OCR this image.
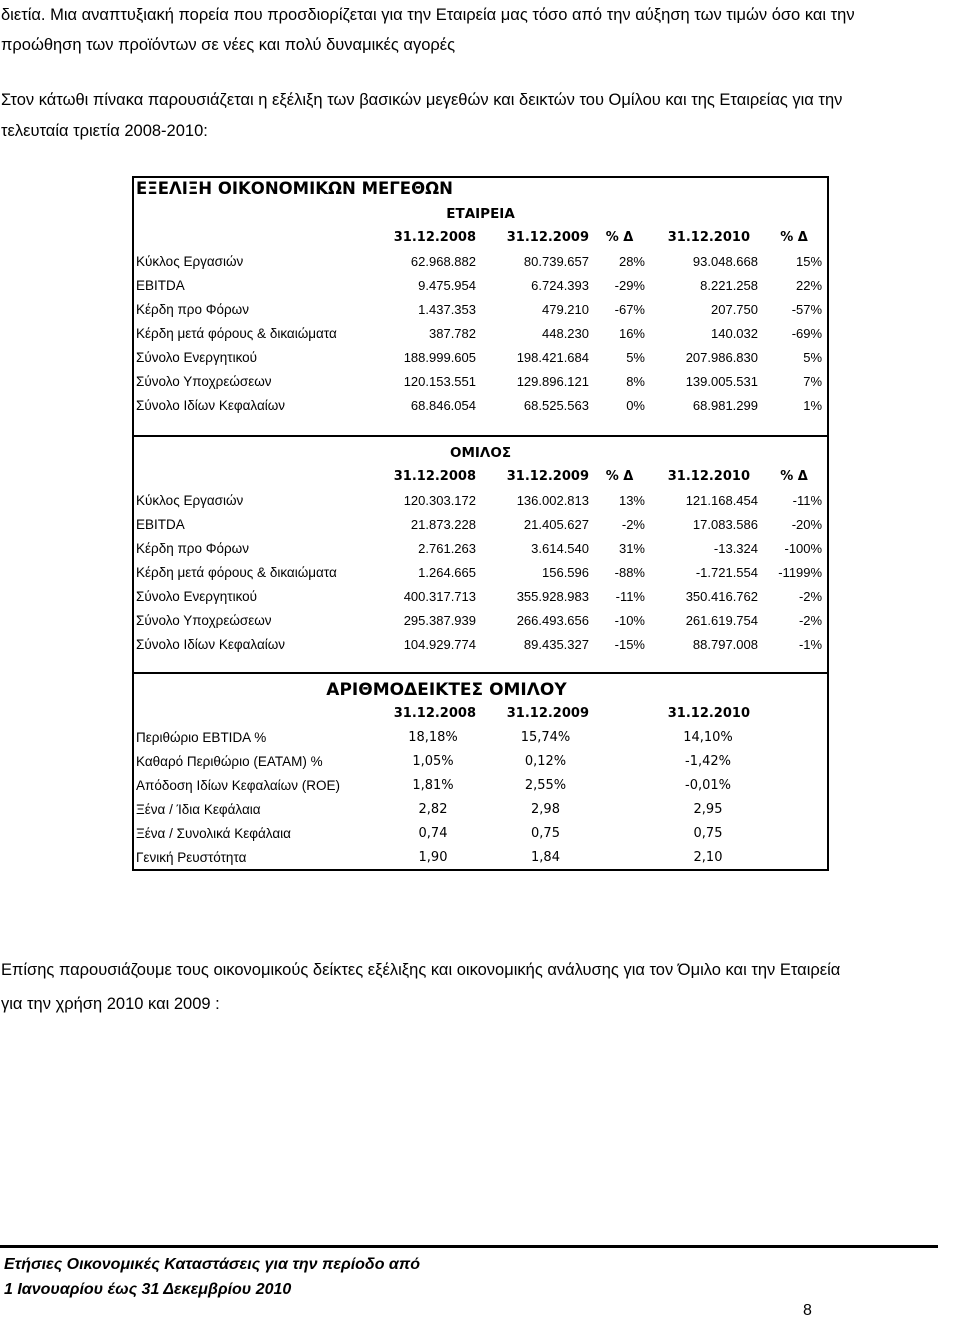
διετία. Μια αναπτυξιακή πορεία που προσδιορίζεται για την Εταιρεία μας τόσο από την αύξηση των τιμών όσο και την
προώθηση των προϊόντων σε νέες και πολύ δυναμικές αγορές
Στον κάτωθι πίνακα παρουσιάζεται η εξέλιξη των βασικών μεγεθών και δεικτών του Ομίλου και της Εταιρείας για την
τελευταία τριετία 2008-2010:
ΕΞΕΛΙΞΗ ΟΙΚΟΝΟΜΙΚΩΝ ΜΕΓΕΘΩΝ
ΕΤΑΙΡΕΙΑ					
	31.12.2008	31.12.2009	% Δ	31.12.2010	% Δ
Κύκλος Εργασιών	62.968.882	80.739.657	28%	93.048.668	15%
EBITDA	9.475.954	6.724.393	-29%	8.221.258	22%
Κέρδη προ Φόρων	1.437.353	479.210	-67%	207.750	-57%
Κέρδη μετά φόρους & δικαιώματα	387.782	448.230	16%	140.032	-69%
Σύνολο Ενεργητικού	188.999.605	198.421.684	5%	207.986.830	5%
Σύνολο Υποχρεώσεων	120.153.551	129.896.121	8%	139.005.531	7%
Σύνολο Ιδίων Κεφαλαίων	68.846.054	68.525.563	0%	68.981.299	1%
ΟΜΙΛΟΣ					
	31.12.2008	31.12.2009	% Δ	31.12.2010	% Δ
Κύκλος Εργασιών	120.303.172	136.002.813	13%	121.168.454	-11%
EBITDA	21.873.228	21.405.627	-2%	17.083.586	-20%
Κέρδη προ Φόρων	2.761.263	3.614.540	31%	-13.324	-100%
Κέρδη μετά φόρους & δικαιώματα	1.264.665	156.596	-88%	-1.721.554	-1199%
Σύνολο Ενεργητικού	400.317.713	355.928.983	-11%	350.416.762	-2%
Σύνολο Υποχρεώσεων	295.387.939	266.493.656	-10%	261.619.754	-2%
Σύνολο Ιδίων Κεφαλαίων	104.929.774	89.435.327	-15%	88.797.008	-1%
ΑΡΙΘΜΟΔΕΙΚΤΕΣ ΟΜΙΛΟΥ					
	31.12.2008	31.12.2009		31.12.2010	
Περιθώριο EBTIDA %	18,18%	15,74%		14,10%	
Καθαρό Περιθώριο (EATAM) %	1,05%	0,12%		-1,42%	
Απόδοση Ιδίων Κεφαλαίων (ROE)	1,81%	2,55%		-0,01%	
Ξένα / Ίδια Κεφάλαια	2,82	2,98		2,95	
Ξένα / Συνολικά Κεφάλαια	0,74	0,75		0,75	
Γενική Ρευστότητα	1,90	1,84		2,10	
Επίσης παρουσιάζουμε τους οικονομικούς δείκτες εξέλιξης και οικονομικής ανάλυσης για τον Όμιλο και την Εταιρεία
για την χρήση 2010 και 2009 :
Ετήσιες Οικονομικές Καταστάσεις για την περίοδο από
1 Ιανουαρίου έως 31 Δεκεμβρίου 2010
8
